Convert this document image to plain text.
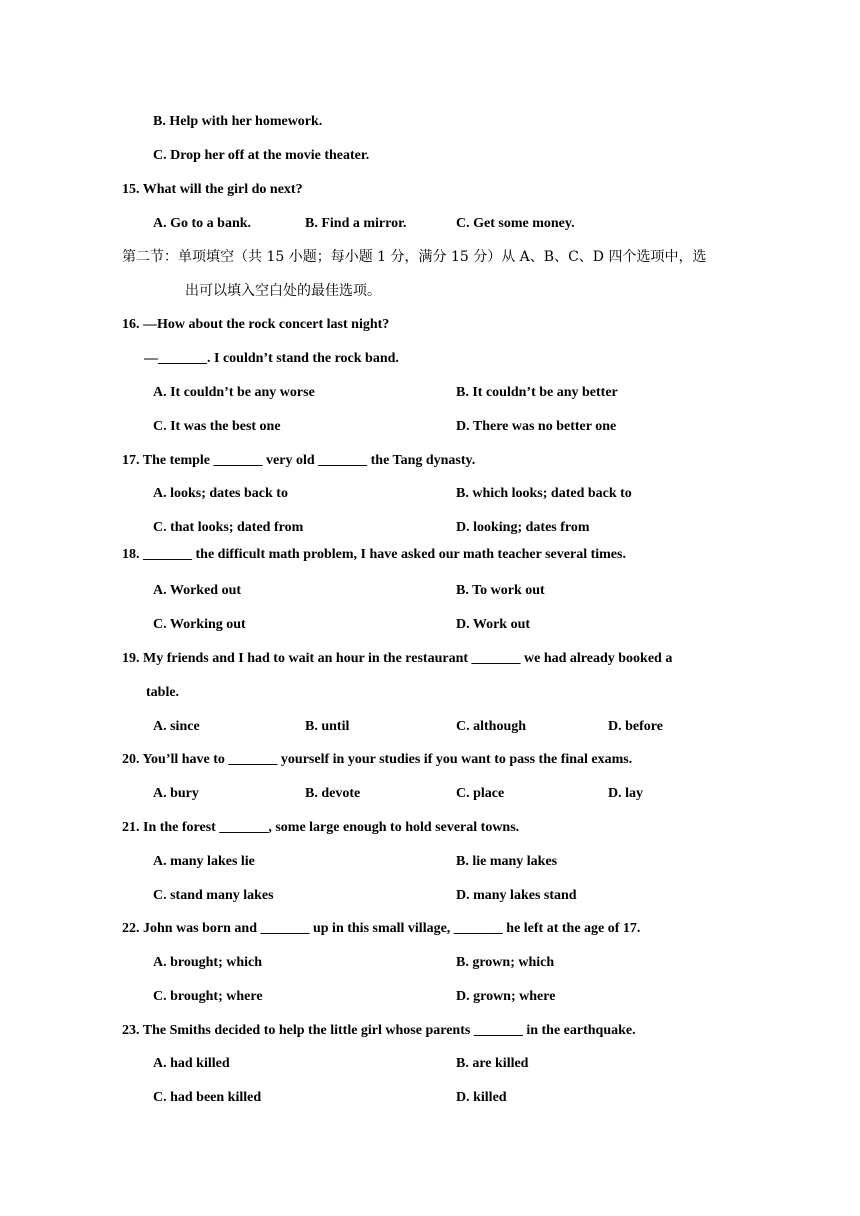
B. Help with her homework.
C. Drop her off at the movie theater.
15. What will the girl do next?
A. Go to a bank.	B. Find a mirror.	C. Get some money.
第二节：单项填空（共 15 小题；每小题 1 分，满分 15 分）从 A、B、C、D 四个选项中，选
出可以填入空白处的最佳选项。
16. —How about the rock concert last night?
—_______. I couldn’t stand the rock band.
A. It couldn’t be any worse	B. It couldn’t be any better
C. It was the best one	D. There was no better one
17. The temple _______ very old _______ the Tang dynasty.
A. looks; dates back to	B. which looks; dated back to
C. that looks; dated from	D. looking; dates from
18. _______ the difficult math problem, I have asked our math teacher several times.
A. Worked out	B. To work out
C. Working out	D. Work out
19. My friends and I had to wait an hour in the restaurant _______ we had already booked a
table.
A. since	B. until	C. although	D. before
20. You’ll have to _______ yourself in your studies if you want to pass the final exams.
A. bury	B. devote	C. place	D. lay
21. In the forest _______, some large enough to hold several towns.
A. many lakes lie	B. lie many lakes
C. stand many lakes	D. many lakes stand
22. John was born and _______ up in this small village, _______ he left at the age of 17.
A. brought; which	B. grown; which
C. brought; where	D. grown; where
23. The Smiths decided to help the little girl whose parents _______ in the earthquake.
A. had killed	B. are killed
C. had been killed	D. killed
